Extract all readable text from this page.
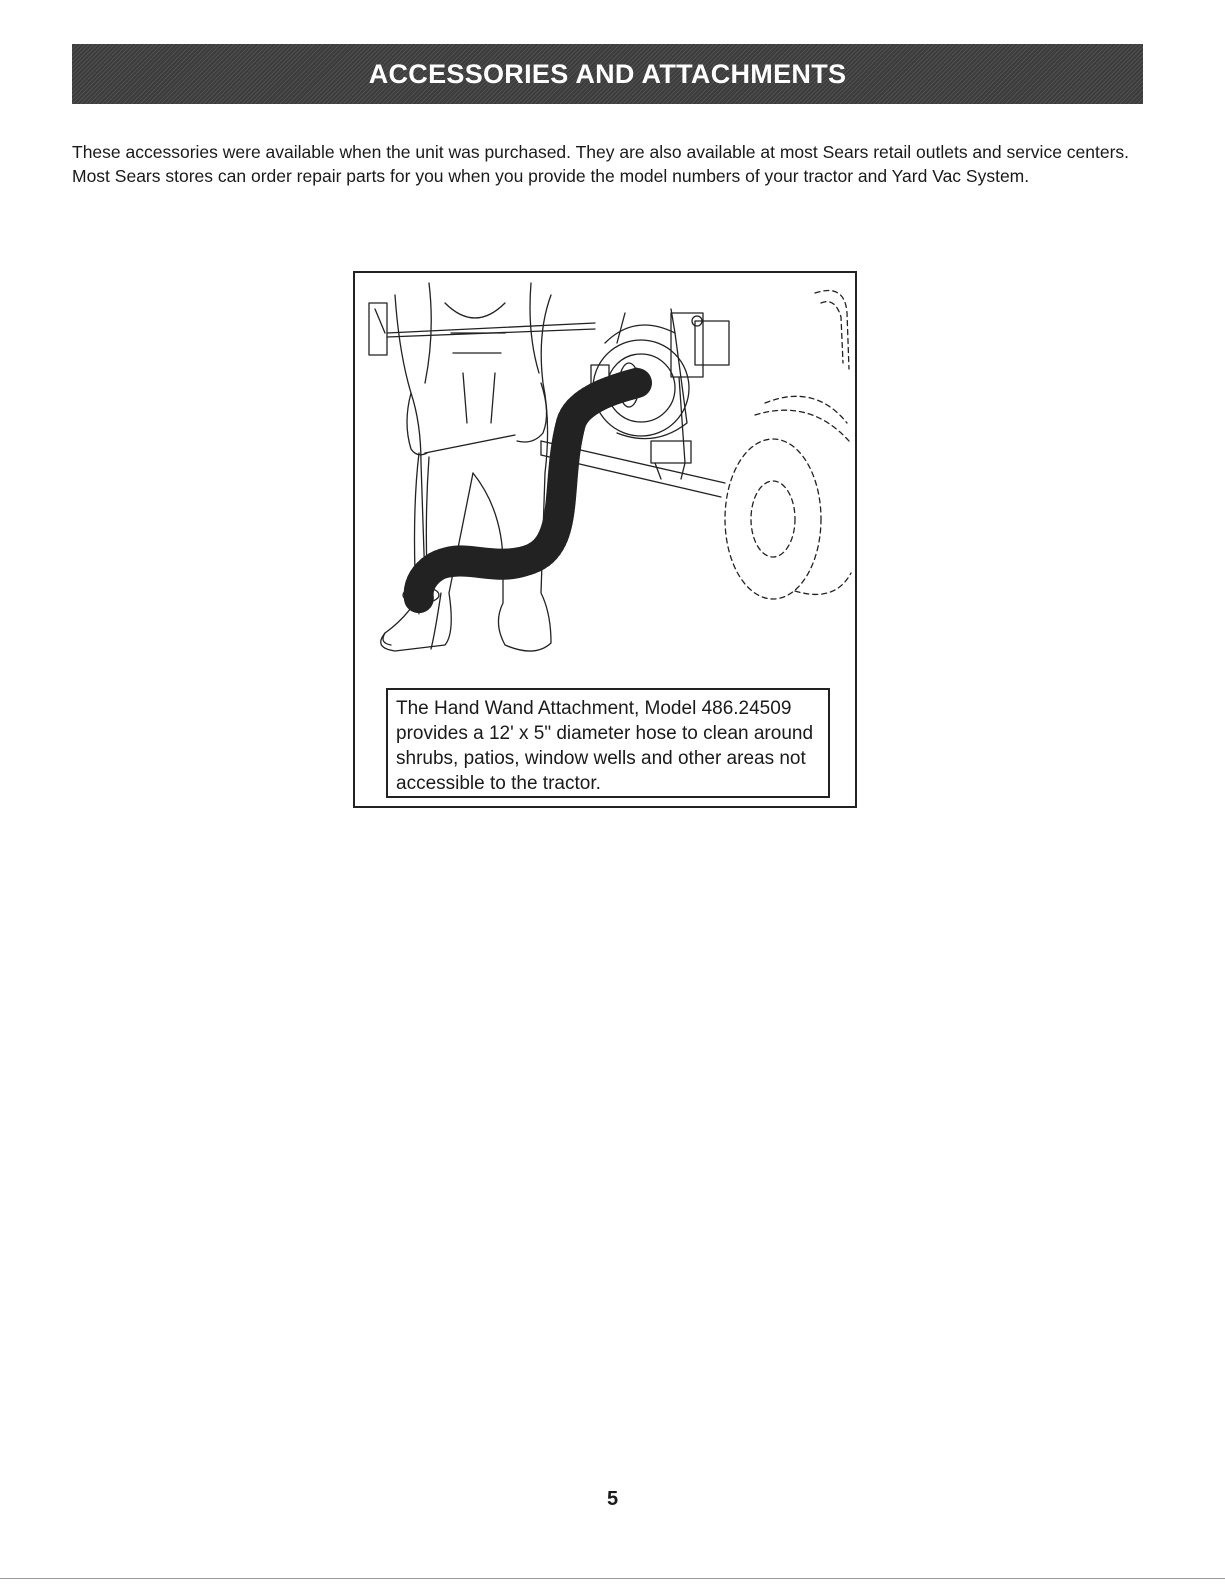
ACCESSORIES AND ATTACHMENTS

These accessories were available when the unit was purchased. They are also available at most Sears retail outlets and service centers. Most Sears stores can order repair parts for you when you provide the model numbers of your tractor and Yard Vac System.

The Hand Wand Attachment, Model 486.24509 provides a 12' x 5" diameter hose to clean around shrubs, patios, window wells and other areas not accessible to the tractor.
5
